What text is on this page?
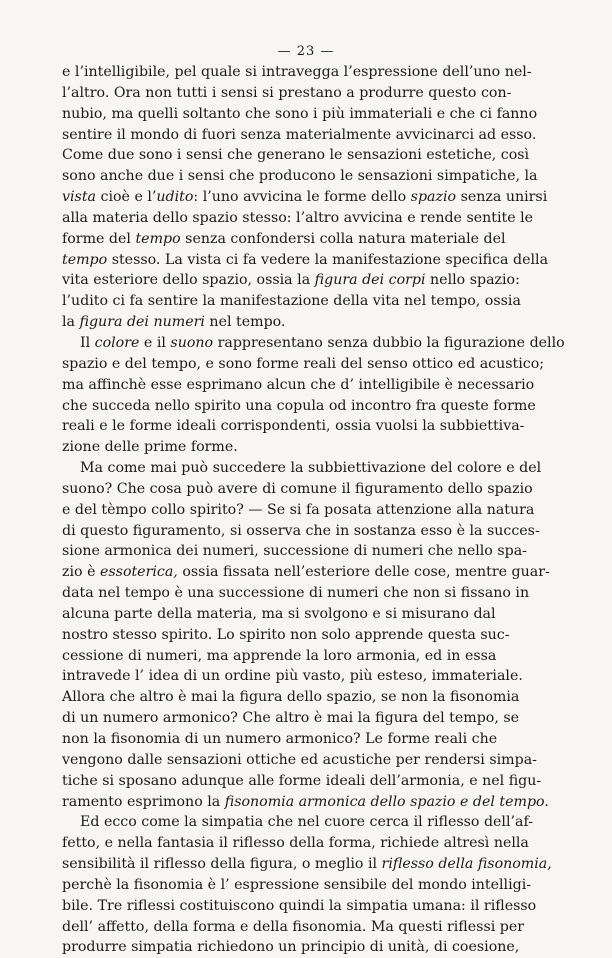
— 23 —
e l’intelligibile, pel quale si intravegga l’espressione dell’uno nel-
l’altro. Ora non tutti i sensi si prestano a produrre questo con-
nubio, ma quelli soltanto che sono i più immateriali e che ci fanno
sentire il mondo di fuori senza materialmente avvicinarci ad esso.
Come due sono i sensi che generano le sensazioni estetiche, così
sono anche due i sensi che producono le sensazioni simpatiche, la
vista cioè e l’udito: l’uno avvicina le forme dello spazio senza unirsi
alla materia dello spazio stesso: l’altro avvicina e rende sentite le
forme del tempo senza confondersi colla natura materiale del
tempo stesso. La vista ci fa vedere la manifestazione specifica della
vita esteriore dello spazio, ossia la figura dei corpi nello spazio:
l’udito ci fa sentire la manifestazione della vita nel tempo, ossia
la figura dei numeri nel tempo.
Il colore e il suono rappresentano senza dubbio la figurazione dello
spazio e del tempo, e sono forme reali del senso ottico ed acustico;
ma affinchè esse esprimano alcun che d’ intelligibile è necessario
che succeda nello spirito una copula od incontro fra queste forme
reali e le forme ideali corrispondenti, ossia vuolsi la subbiettiva-
zione delle prime forme.
Ma come mai può succedere la subbiettivazione del colore e del
suono? Che cosa può avere di comune il figuramento dello spazio
e del tèmpo collo spirito? — Se si fa posata attenzione alla natura
di questo figuramento, si osserva che in sostanza esso è la succes-
sione armonica dei numeri, successione di numeri che nello spa-
zio è essoterica, ossia fissata nell’esteriore delle cose, mentre guar-
data nel tempo è una successione di numeri che non si fissano in
alcuna parte della materia, ma si svolgono e si misurano dal
nostro stesso spirito. Lo spirito non solo apprende questa suc-
cessione di numeri, ma apprende la loro armonia, ed in essa
intravede l’ idea di un ordine più vasto, più esteso, immateriale.
Allora che altro è mai la figura dello spazio, se non la fisonomia
di un numero armonico? Che altro è mai la figura del tempo, se
non la fisonomia di un numero armonico? Le forme reali che
vengono dalle sensazioni ottiche ed acustiche per rendersi simpa-
tiche si sposano adunque alle forme ideali dell’armonia, e nel figu-
ramento esprimono la fisonomia armonica dello spazio e del tempo.
Ed ecco come la simpatia che nel cuore cerca il riflesso dell’af-
fetto, e nella fantasia il riflesso della forma, richiede altresì nella
sensibilità il riflesso della figura, o meglio il riflesso della fisonomia,
perchè la fisonomia è l’ espressione sensibile del mondo intelligi-
bile. Tre riflessi costituiscono quindi la simpatia umana: il riflesso
dell’ affetto, della forma e della fisonomia. Ma questi riflessi per
produrre simpatia richiedono un principio di unità, di coesione,
